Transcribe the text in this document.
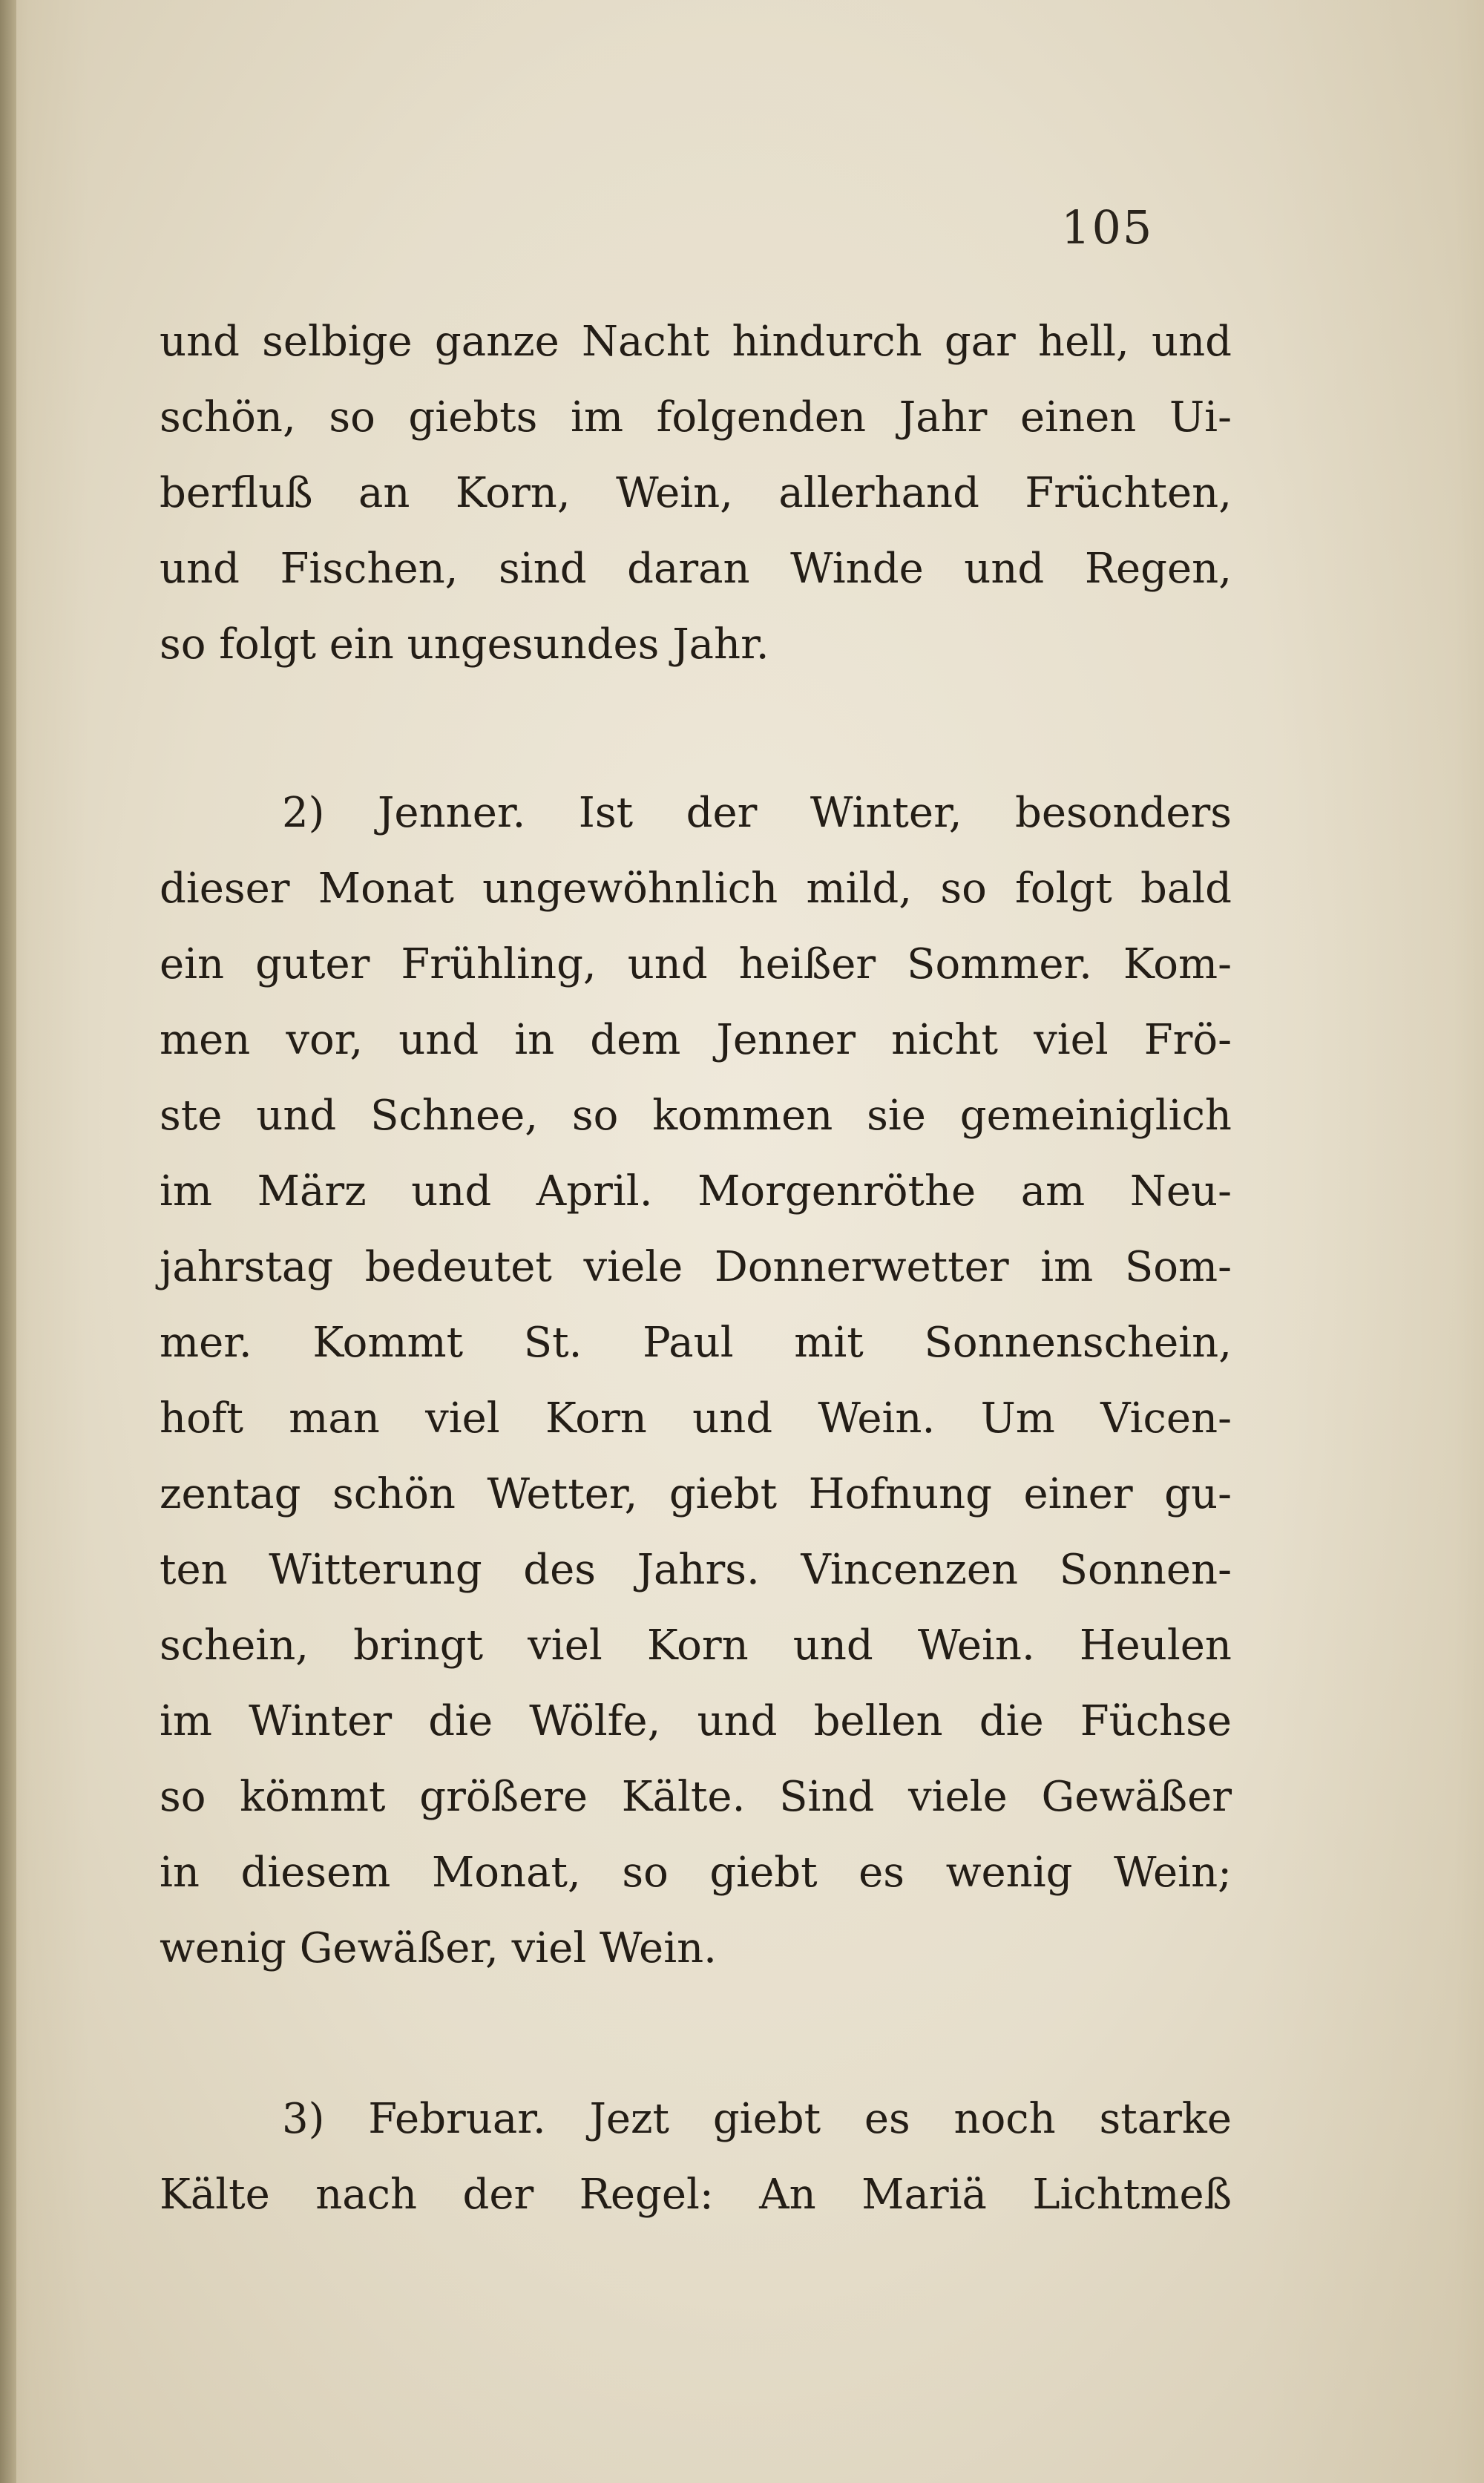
105
und selbige ganze Nacht hindurch gar hell, und
schön, so giebts im folgenden Jahr einen Ui-
berfluß an Korn, Wein, allerhand Früchten,
und Fischen, sind daran Winde und Regen,
so folgt ein ungesundes Jahr.
2) Jenner. Ist der Winter, besonders
dieser Monat ungewöhnlich mild, so folgt bald
ein guter Frühling, und heißer Sommer. Kom-
men vor, und in dem Jenner nicht viel Frö-
ste und Schnee, so kommen sie gemeiniglich
im März und April. Morgenröthe am Neu-
jahrstag bedeutet viele Donnerwetter im Som-
mer. Kommt St. Paul mit Sonnenschein,
hoft man viel Korn und Wein. Um Vicen-
zentag schön Wetter, giebt Hofnung einer gu-
ten Witterung des Jahrs. Vincenzen Sonnen-
schein, bringt viel Korn und Wein. Heulen
im Winter die Wölfe, und bellen die Füchse
so kömmt größere Kälte. Sind viele Gewäßer
in diesem Monat, so giebt es wenig Wein;
wenig Gewäßer, viel Wein.
3) Februar. Jezt giebt es noch starke
Kälte nach der Regel: An Mariä Lichtmeß
